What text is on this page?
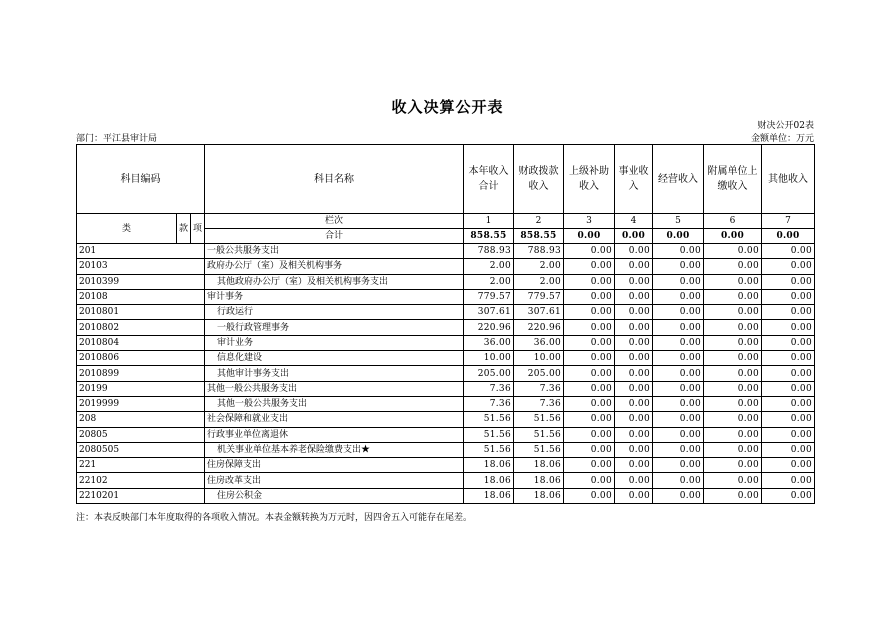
收入决算公开表
财决公开02表
部门：平江县审计局	金额单位：万元
科目编码			科目名称	本年收入合计	财政拨款收入	上级补助收入	事业收入	经营收入	附属单位上缴收入	其他收入
类	款	项	栏次	1	2	3	4	5	6	7
			合计	858.55	858.55	0.00	0.00	0.00	0.00	0.00
201			一般公共服务支出	788.93	788.93	0.00	0.00	0.00	0.00	0.00
20103			政府办公厅（室）及相关机构事务	2.00	2.00	0.00	0.00	0.00	0.00	0.00
2010399			其他政府办公厅（室）及相关机构事务支出	2.00	2.00	0.00	0.00	0.00	0.00	0.00
20108			审计事务	779.57	779.57	0.00	0.00	0.00	0.00	0.00
2010801			行政运行	307.61	307.61	0.00	0.00	0.00	0.00	0.00
2010802			一般行政管理事务	220.96	220.96	0.00	0.00	0.00	0.00	0.00
2010804			审计业务	36.00	36.00	0.00	0.00	0.00	0.00	0.00
2010806			信息化建设	10.00	10.00	0.00	0.00	0.00	0.00	0.00
2010899			其他审计事务支出	205.00	205.00	0.00	0.00	0.00	0.00	0.00
20199			其他一般公共服务支出	7.36	7.36	0.00	0.00	0.00	0.00	0.00
2019999			其他一般公共服务支出	7.36	7.36	0.00	0.00	0.00	0.00	0.00
208			社会保障和就业支出	51.56	51.56	0.00	0.00	0.00	0.00	0.00
20805			行政事业单位离退休	51.56	51.56	0.00	0.00	0.00	0.00	0.00
2080505			机关事业单位基本养老保险缴费支出★	51.56	51.56	0.00	0.00	0.00	0.00	0.00
221			住房保障支出	18.06	18.06	0.00	0.00	0.00	0.00	0.00
22102			住房改革支出	18.06	18.06	0.00	0.00	0.00	0.00	0.00
2210201			住房公积金	18.06	18.06	0.00	0.00	0.00	0.00	0.00
注：本表反映部门本年度取得的各项收入情况。本表金额转换为万元时，因四舍五入可能存在尾差。
